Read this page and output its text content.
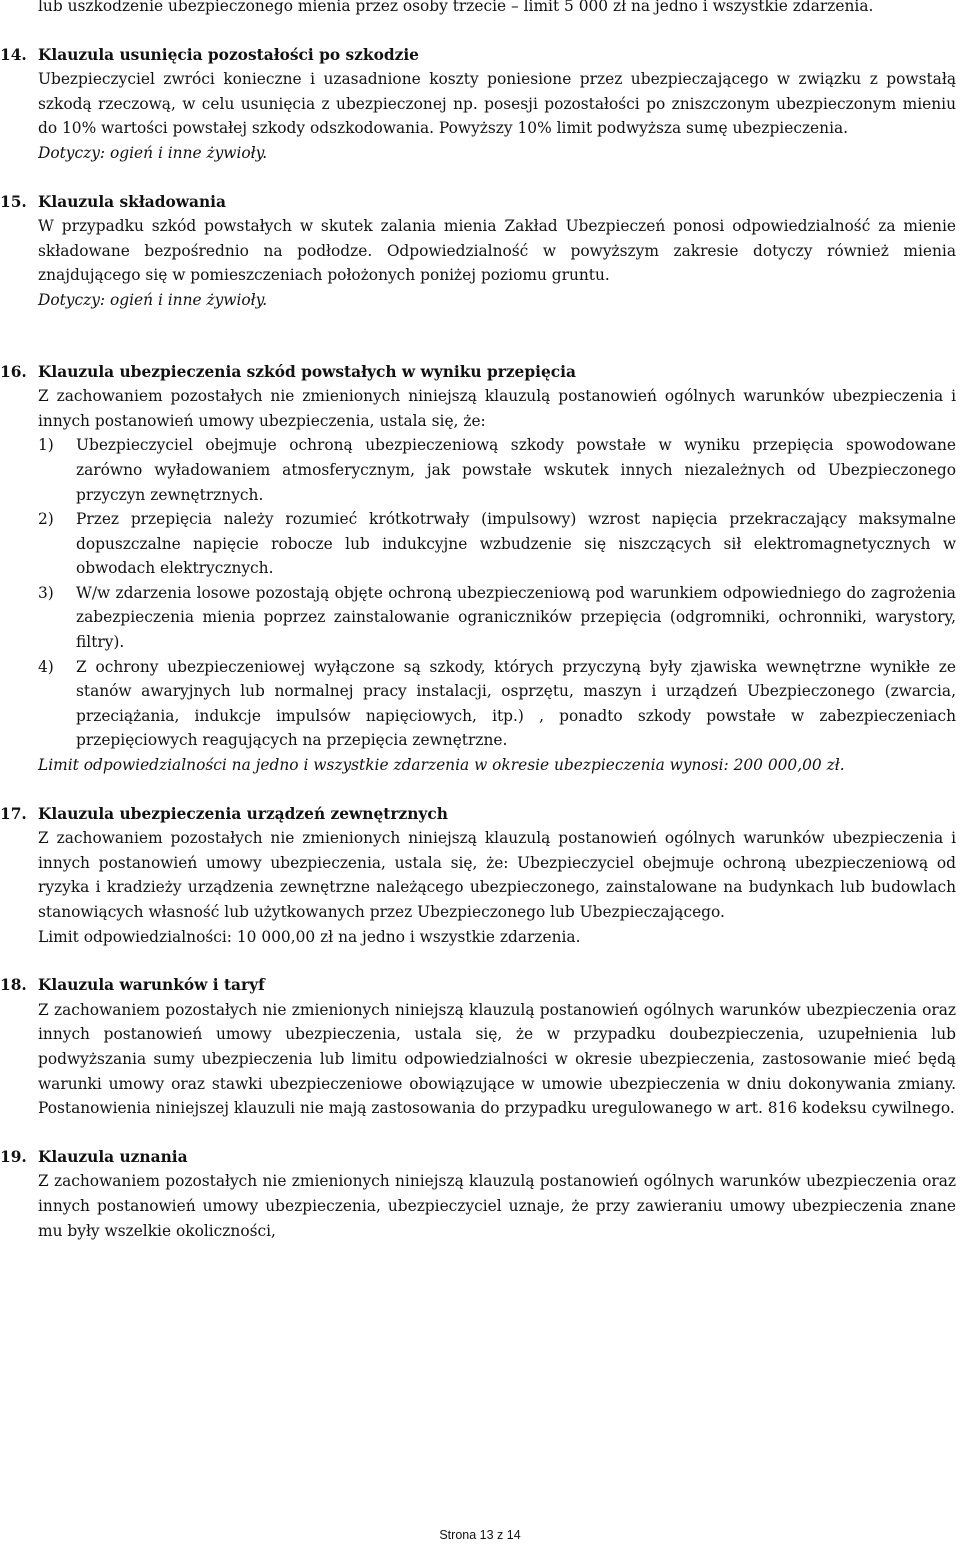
lub uszkodzenie ubezpieczonego mienia przez osoby trzecie – limit 5 000 zł na jedno i wszystkie zdarzenia.

14. Klauzula usunięcia pozostałości po szkodzie

Ubezpieczyciel zwróci konieczne i uzasadnione koszty poniesione przez ubezpieczającego w związku z powstałą szkodą rzeczową, w celu usunięcia z ubezpieczonej np. posesji pozostałości po zniszczonym ubezpieczonym mieniu do 10% wartości powstałej szkody odszkodowania. Powyższy 10% limit podwyższa sumę ubezpieczenia.

Dotyczy: ogień i inne żywioły.

15. Klauzula składowania

W przypadku szkód powstałych w skutek zalania mienia Zakład Ubezpieczeń ponosi odpowiedzialność za mienie składowane bezpośrednio na podłodze. Odpowiedzialność w powyższym zakresie dotyczy również mienia znajdującego się w pomieszczeniach położonych poniżej poziomu gruntu.

Dotyczy: ogień i inne żywioły.

16. Klauzula ubezpieczenia szkód powstałych w wyniku przepięcia

Z zachowaniem pozostałych nie zmienionych niniejszą klauzulą postanowień ogólnych warunków ubezpieczenia i innych postanowień umowy ubezpieczenia, ustala się, że:

1) Ubezpieczyciel obejmuje ochroną ubezpieczeniową szkody powstałe w wyniku przepięcia spowodowane zarówno wyładowaniem atmosferycznym, jak powstałe wskutek innych niezależnych od Ubezpieczonego przyczyn zewnętrznych.
2) Przez przepięcia należy rozumieć krótkotrwały (impulsowy) wzrost napięcia przekraczający maksymalne dopuszczalne napięcie robocze lub indukcyjne wzbudzenie się niszczących sił elektromagnetycznych w obwodach elektrycznych.
3) W/w zdarzenia losowe pozostają objęte ochroną ubezpieczeniową pod warunkiem odpowiedniego do zagrożenia zabezpieczenia mienia poprzez zainstalowanie ograniczników przepięcia (odgromniki, ochronniki, warystory, filtry).
4) Z ochrony ubezpieczeniowej wyłączone są szkody, których przyczyną były zjawiska wewnętrzne wynikłe ze stanów awaryjnych lub normalnej pracy instalacji, osprzętu, maszyn i urządzeń Ubezpieczonego (zwarcia, przeciążania, indukcje impulsów napięciowych, itp.) , ponadto szkody powstałe w zabezpieczeniach przepięciowych reagujących na przepięcia zewnętrzne.

Limit odpowiedzialności na jedno i wszystkie zdarzenia w okresie ubezpieczenia wynosi: 200 000,00 zł.

17. Klauzula ubezpieczenia urządzeń zewnętrznych

Z zachowaniem pozostałych nie zmienionych niniejszą klauzulą postanowień ogólnych warunków ubezpieczenia i innych postanowień umowy ubezpieczenia, ustala się, że: Ubezpieczyciel obejmuje ochroną ubezpieczeniową od ryzyka i kradzieży urządzenia zewnętrzne należącego ubezpieczonego, zainstalowane na budynkach lub budowlach stanowiących własność lub użytkowanych przez Ubezpieczonego lub Ubezpieczającego.

Limit odpowiedzialności: 10 000,00 zł na jedno i wszystkie zdarzenia.

18. Klauzula warunków i taryf

Z zachowaniem pozostałych nie zmienionych niniejszą klauzulą postanowień ogólnych warunków ubezpieczenia oraz innych postanowień umowy ubezpieczenia, ustala się, że w przypadku doubezpieczenia, uzupełnienia lub podwyższania sumy ubezpieczenia lub limitu odpowiedzialności w okresie ubezpieczenia, zastosowanie mieć będą warunki umowy oraz stawki ubezpieczeniowe obowiązujące w umowie ubezpieczenia w dniu dokonywania zmiany. Postanowienia niniejszej klauzuli nie mają zastosowania do przypadku uregulowanego w art. 816 kodeksu cywilnego.

19. Klauzula uznania

Z zachowaniem pozostałych nie zmienionych niniejszą klauzulą postanowień ogólnych warunków ubezpieczenia oraz innych postanowień umowy ubezpieczenia, ubezpieczyciel uznaje, że przy zawieraniu umowy ubezpieczenia znane mu były wszelkie okoliczności,

Strona 13 z 14
